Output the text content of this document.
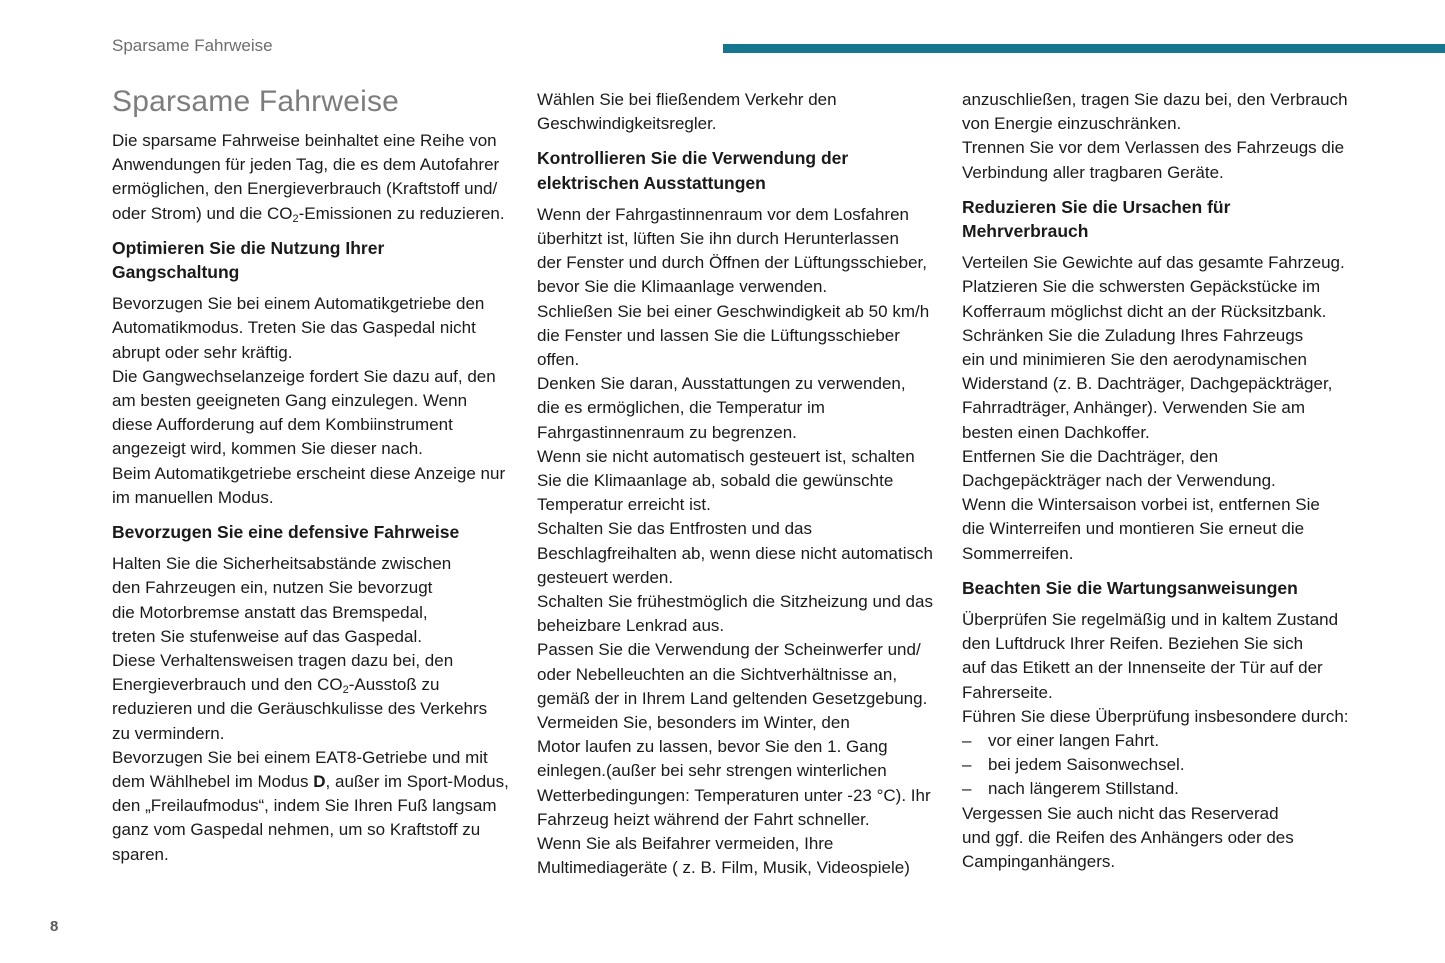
Sparsame Fahrweise
Sparsame Fahrweise
Die sparsame Fahrweise beinhaltet eine Reihe von
Anwendungen für jeden Tag, die es dem Autofahrer
ermöglichen, den Energieverbrauch (Kraftstoff und/
oder Strom) und die $CO_2$-Emissionen zu reduzieren.
Optimieren Sie die Nutzung Ihrer
Gangschaltung
Bevorzugen Sie bei einem Automatikgetriebe den
Automatikmodus. Treten Sie das Gaspedal nicht
abrupt oder sehr kräftig.
Die Gangwechselanzeige fordert Sie dazu auf, den
am besten geeigneten Gang einzulegen. Wenn
diese Aufforderung auf dem Kombiinstrument
angezeigt wird, kommen Sie dieser nach.
Beim Automatikgetriebe erscheint diese Anzeige nur
im manuellen Modus.
Bevorzugen Sie eine defensive Fahrweise
Halten Sie die Sicherheitsabstände zwischen
den Fahrzeugen ein, nutzen Sie bevorzugt
die Motorbremse anstatt das Bremspedal,
treten Sie stufenweise auf das Gaspedal.
Diese Verhaltensweisen tragen dazu bei, den
Energieverbrauch und den $CO_2$-Ausstoß zu
reduzieren und die Geräuschkulisse des Verkehrs
zu vermindern.
Bevorzugen Sie bei einem EAT8-Getriebe und mit
dem Wählhebel im Modus D, außer im Sport-Modus,
den „Freilaufmodus“, indem Sie Ihren Fuß langsam
ganz vom Gaspedal nehmen, um so Kraftstoff zu
sparen.
Wählen Sie bei fließendem Verkehr den
Geschwindigkeitsregler.
Kontrollieren Sie die Verwendung der
elektrischen Ausstattungen
Wenn der Fahrgastinnenraum vor dem Losfahren
überhitzt ist, lüften Sie ihn durch Herunterlassen
der Fenster und durch Öffnen der Lüftungsschieber,
bevor Sie die Klimaanlage verwenden.
Schließen Sie bei einer Geschwindigkeit ab 50 km/h
die Fenster und lassen Sie die Lüftungsschieber
offen.
Denken Sie daran, Ausstattungen zu verwenden,
die es ermöglichen, die Temperatur im
Fahrgastinnenraum zu begrenzen.
Wenn sie nicht automatisch gesteuert ist, schalten
Sie die Klimaanlage ab, sobald die gewünschte
Temperatur erreicht ist.
Schalten Sie das Entfrosten und das
Beschlagfreihalten ab, wenn diese nicht automatisch
gesteuert werden.
Schalten Sie frühestmöglich die Sitzheizung und das
beheizbare Lenkrad aus.
Passen Sie die Verwendung der Scheinwerfer und/
oder Nebelleuchten an die Sichtverhältnisse an,
gemäß der in Ihrem Land geltenden Gesetzgebung.
Vermeiden Sie, besonders im Winter, den
Motor laufen zu lassen, bevor Sie den 1. Gang
einlegen.(außer bei sehr strengen winterlichen
Wetterbedingungen: Temperaturen unter -23 °C). Ihr
Fahrzeug heizt während der Fahrt schneller.
Wenn Sie als Beifahrer vermeiden, Ihre
Multimediageräte ( z. B. Film, Musik, Videospiele)
anzuschließen, tragen Sie dazu bei, den Verbrauch
von Energie einzuschränken.
Trennen Sie vor dem Verlassen des Fahrzeugs die
Verbindung aller tragbaren Geräte.
Reduzieren Sie die Ursachen für
Mehrverbrauch
Verteilen Sie Gewichte auf das gesamte Fahrzeug.
Platzieren Sie die schwersten Gepäckstücke im
Kofferraum möglichst dicht an der Rücksitzbank.
Schränken Sie die Zuladung Ihres Fahrzeugs
ein und minimieren Sie den aerodynamischen
Widerstand (z. B. Dachträger, Dachgepäckträger,
Fahrradträger, Anhänger). Verwenden Sie am
besten einen Dachkoffer.
Entfernen Sie die Dachträger, den
Dachgepäckträger nach der Verwendung.
Wenn die Wintersaison vorbei ist, entfernen Sie
die Winterreifen und montieren Sie erneut die
Sommerreifen.
Beachten Sie die Wartungsanweisungen
Überprüfen Sie regelmäßig und in kaltem Zustand
den Luftdruck Ihrer Reifen. Beziehen Sie sich
auf das Etikett an der Innenseite der Tür auf der
Fahrerseite.
Führen Sie diese Überprüfung insbesondere durch:
– vor einer langen Fahrt.
– bei jedem Saisonwechsel.
– nach längerem Stillstand.
Vergessen Sie auch nicht das Reserverad
und ggf. die Reifen des Anhängers oder des
Campinganhängers.
8
